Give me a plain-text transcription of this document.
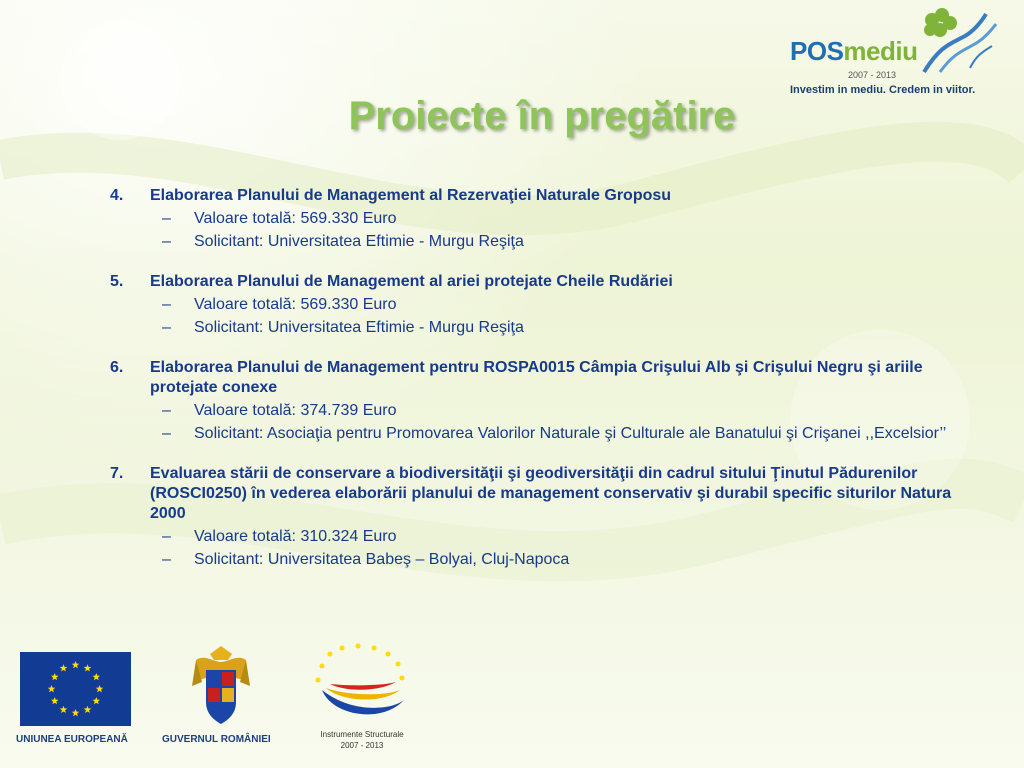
POSmediu
2007 - 2013
Investim in mediu. Credem in viitor.
Proiecte în pregătire
4. Elaborarea Planului de Management al Rezervaţiei Naturale Groposu
– Valoare totală: 569.330 Euro
– Solicitant: Universitatea Eftimie - Murgu Reşiţa
5. Elaborarea Planului de Management al ariei protejate Cheile Rudăriei
– Valoare totală: 569.330 Euro
– Solicitant: Universitatea Eftimie - Murgu Reşiţa
6. Elaborarea Planului de Management pentru ROSPA0015 Câmpia Crişului Alb şi Crişului Negru şi ariile protejate conexe
– Valoare totală: 374.739 Euro
– Solicitant: Asociaţia pentru Promovarea Valorilor Naturale şi Culturale ale Banatului şi Crişanei ,,Excelsior’’
7. Evaluarea stării de conservare a biodiversităţii şi geodiversităţii din cadrul sitului Ţinutul Pădurenilor (ROSCI0250) în vederea elaborării planului de management conservativ şi durabil specific siturilor Natura 2000
– Valoare totală: 310.324 Euro
– Solicitant: Universitatea Babeş – Bolyai, Cluj-Napoca
UNIUNEA EUROPEANĂ	GUVERNUL ROMÂNIEI	Instrumente Structurale
2007 - 2013
